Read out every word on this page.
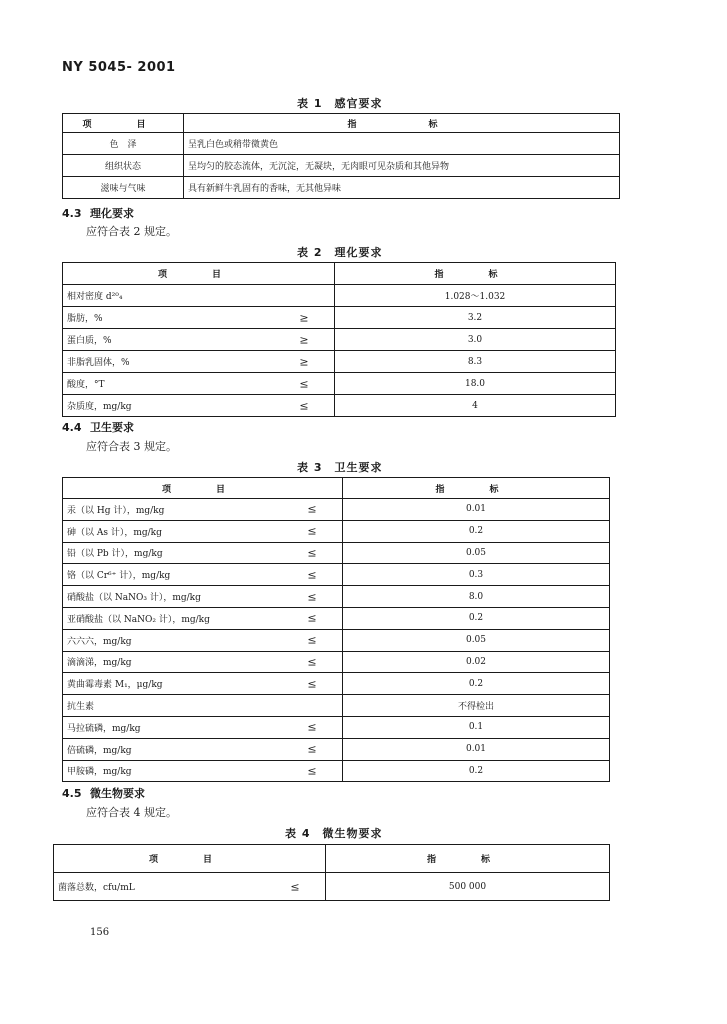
NY 5045- 2001
表 1　感官要求
项　目	指　　标
色　泽	呈乳白色或稍带微黄色
组织状态	呈均匀的胶态流体，无沉淀，无凝块，无肉眼可见杂质和其他异物
滋味与气味	具有新鲜牛乳固有的香味，无其他异味
4.3 理化要求
应符合表 2 规定。
表 2　理化要求
项　目	指　标
相对密度 d²⁰₄	1.028～1.032
脂肪，% ≥	3.2
蛋白质，% ≥	3.0
非脂乳固体，% ≥	8.3
酸度，°T ≤	18.0
杂质度，mg/kg ≤	4
4.4 卫生要求
应符合表 3 规定。
表 3　卫生要求
项　目	指　标
汞（以 Hg 计），mg/kg ≤	0.01
砷（以 As 计），mg/kg ≤	0.2
铅（以 Pb 计），mg/kg ≤	0.05
铬（以 Cr⁶⁺ 计），mg/kg ≤	0.3
硝酸盐（以 NaNO₃ 计），mg/kg ≤	8.0
亚硝酸盐（以 NaNO₂ 计），mg/kg ≤	0.2
六六六，mg/kg ≤	0.05
滴滴涕，mg/kg ≤	0.02
黄曲霉毒素 M₁，μg/kg ≤	0.2
抗生素	不得检出
马拉硫磷，mg/kg ≤	0.1
倍硫磷，mg/kg ≤	0.01
甲胺磷，mg/kg ≤	0.2
4.5 微生物要求
应符合表 4 规定。
表 4　微生物要求
项　目	指　标
菌落总数，cfu/mL ≤	500 000
156
